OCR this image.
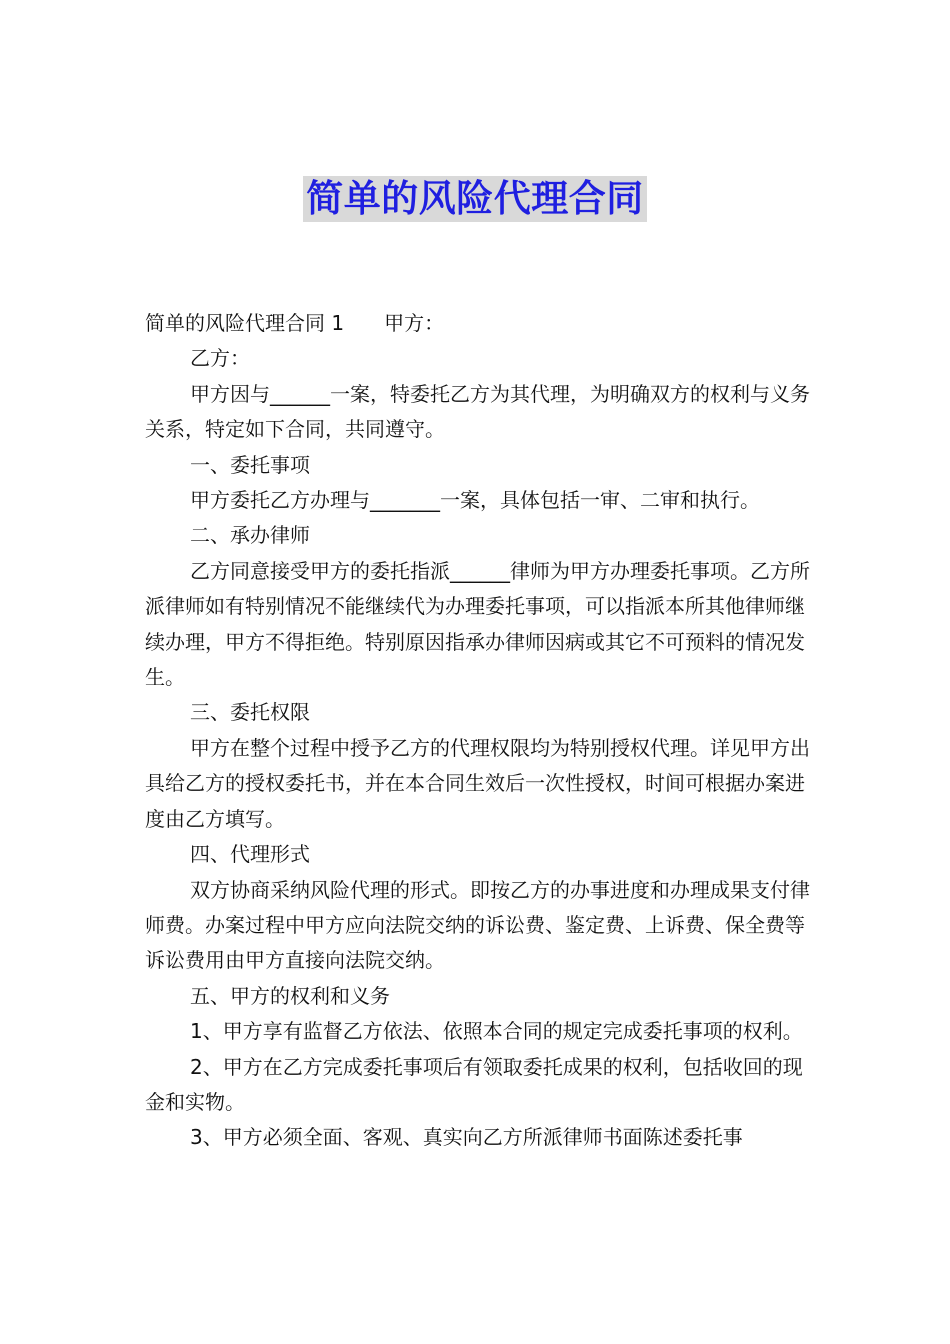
简单的风险代理合同

简单的风险代理合同 1 甲方：

乙方：

甲方因与______一案，特委托乙方为其代理，为明确双方的权利与义务关系，特定如下合同，共同遵守。

一、委托事项

甲方委托乙方办理与_______一案，具体包括一审、二审和执行。

二、承办律师

乙方同意接受甲方的委托指派______律师为甲方办理委托事项。乙方所派律师如有特别情况不能继续代为办理委托事项，可以指派本所其他律师继续办理，甲方不得拒绝。特别原因指承办律师因病或其它不可预料的情况发生。

三、委托权限

甲方在整个过程中授予乙方的代理权限均为特别授权代理。详见甲方出具给乙方的授权委托书，并在本合同生效后一次性授权，时间可根据办案进度由乙方填写。

四、代理形式

双方协商采纳风险代理的形式。即按乙方的办事进度和办理成果支付律师费。办案过程中甲方应向法院交纳的诉讼费、鉴定费、上诉费、保全费等诉讼费用由甲方直接向法院交纳。

五、甲方的权利和义务

1、甲方享有监督乙方依法、依照本合同的规定完成委托事项的权利。

2、甲方在乙方完成委托事项后有领取委托成果的权利，包括收回的现金和实物。

3、甲方必须全面、客观、真实向乙方所派律师书面陈述委托事
